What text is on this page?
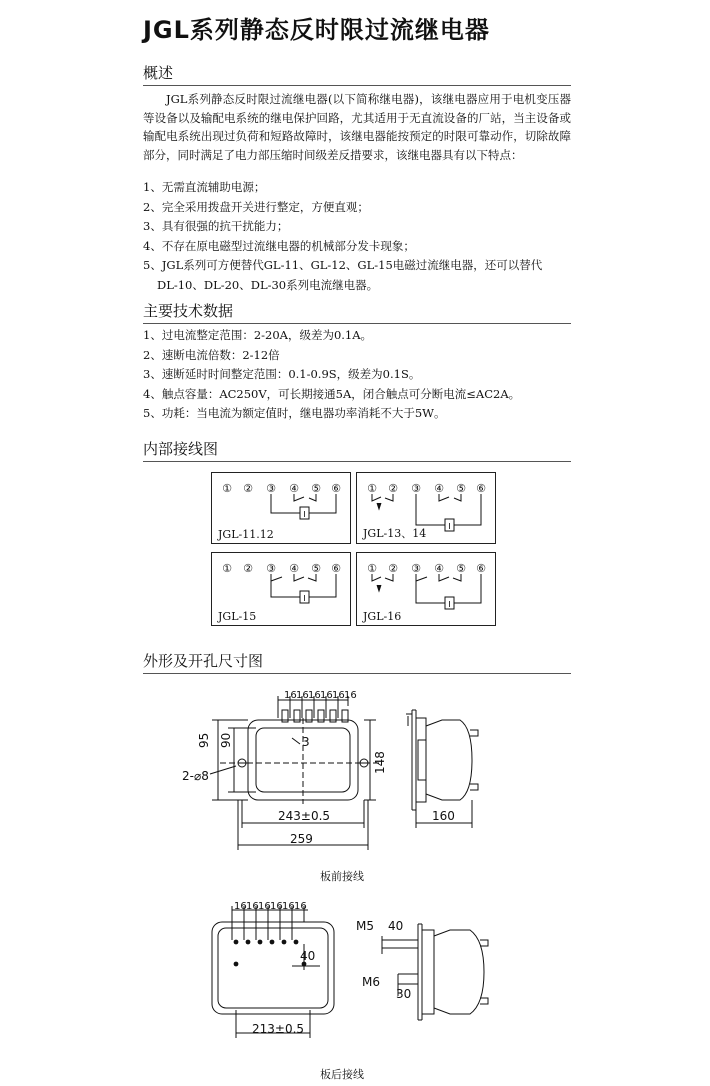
JGL系列静态反时限过流继电器
概述

JGL系列静态反时限过流继电器(以下简称继电器)，该继电器应用于电机变压器等设备以及输配电系统的继电保护回路，尤其适用于无直流设备的厂站，当主设备或输配电系统出现过负荷和短路故障时，该继电器能按预定的时限可靠动作，切除故障部分，同时满足了电力部压缩时间级差反措要求，该继电器具有以下特点：

1、无需直流辅助电源；
2、完全采用拨盘开关进行整定，方便直观；
3、具有很强的抗干扰能力；
4、不存在原电磁型过流继电器的机械部分发卡现象；
5、JGL系列可方便替代GL-11、GL-12、GL-15电磁过流继电器，还可以替代
DL-10、DL-20、DL-30系列电流继电器。
主要技术数据
1、过电流整定范围：2-20A，级差为0.1A。
2、速断电流倍数：2-12倍
3、速断延时时间整定范围：0.1-0.9S，级差为0.1S。
4、触点容量：AC250V，可长期接通5A，闭合触点可分断电流≤AC2A。
5、功耗：当电流为额定值时，继电器功率消耗不大于5W。
内部接线图
① ② ③ ④ ⑤ ⑥
I
JGL-11.12
① ② ③ ④ ⑤ ⑥
I
JGL-13、14
① ② ③ ④ ⑤ ⑥
I
JGL-15
① ② ③ ④ ⑤ ⑥
I
JGL-16
外形及开孔尺寸图
16 16 16 16 16 16
95 90	3
2-⌀8
148
243±0.5
259
160
板前接线
16 16 16 16 16 16
40
213±0.5
M5 40
M6
30
板后接线
